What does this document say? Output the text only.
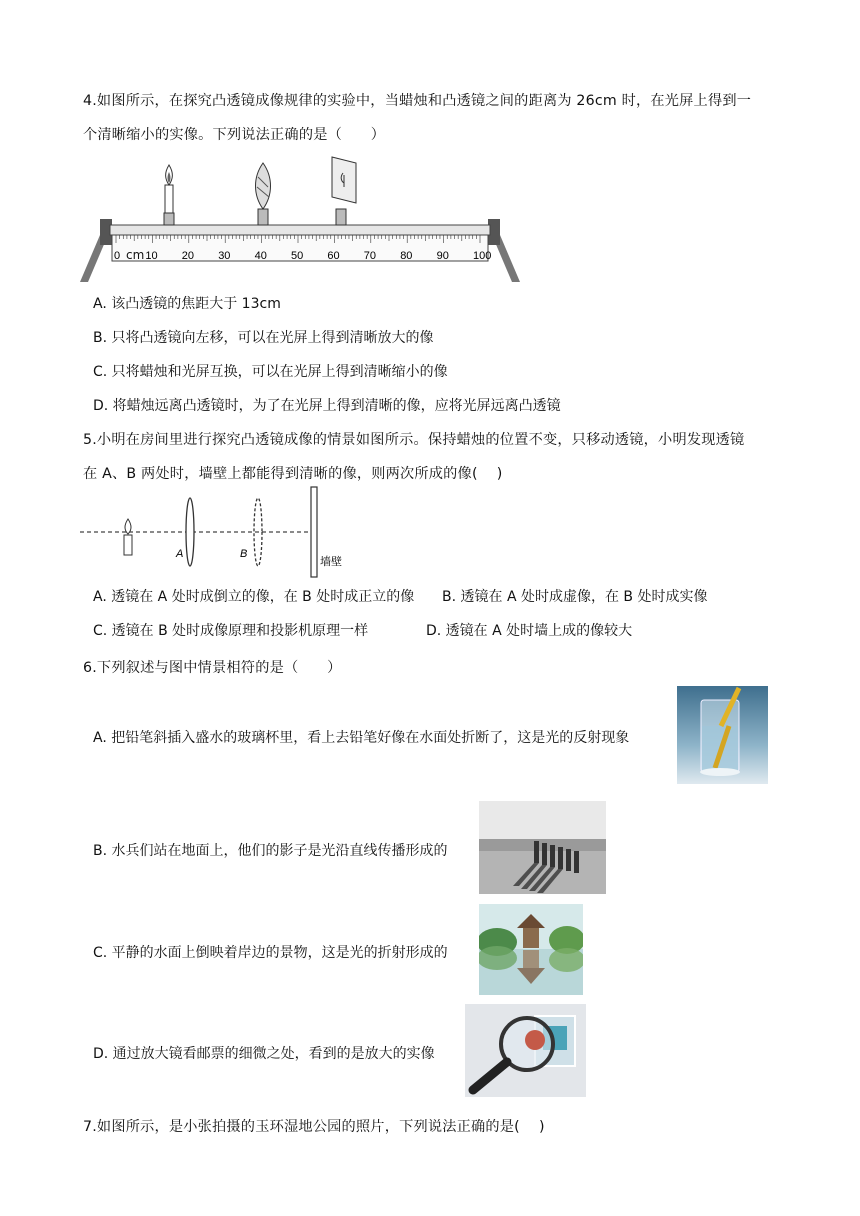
4.如图所示，在探究凸透镜成像规律的实验中，当蜡烛和凸透镜之间的距离为 26cm 时，在光屏上得到一
个清晰缩小的实像。下列说法正确的是（　　）
0 10 20 30 40 50 60 70 80 90 100
cm
A. 该凸透镜的焦距大于 13cm
B. 只将凸透镜向左移，可以在光屏上得到清晰放大的像
C. 只将蜡烛和光屏互换，可以在光屏上得到清晰缩小的像
D. 将蜡烛远离凸透镜时，为了在光屏上得到清晰的像，应将光屏远离凸透镜
5.小明在房间里进行探究凸透镜成像的情景如图所示。保持蜡烛的位置不变，只移动透镜，小明发现透镜
在 A、B 两处时，墙壁上都能得到清晰的像，则两次所成的像(　 )
A	B
墙壁
A. 透镜在 A 处时成倒立的像，在 B 处时成正立的像 B. 透镜在 A 处时成虚像，在 B 处时成实像
C. 透镜在 B 处时成像原理和投影机原理一样	D. 透镜在 A 处时墙上成的像较大
6.下列叙述与图中情景相符的是（　　）
A. 把铅笔斜插入盛水的玻璃杯里，看上去铅笔好像在水面处折断了，这是光的反射现象
B. 水兵们站在地面上，他们的影子是光沿直线传播形成的
C. 平静的水面上倒映着岸边的景物，这是光的折射形成的
D. 通过放大镜看邮票的细微之处，看到的是放大的实像
7.如图所示，是小张拍摄的玉环湿地公园的照片，下列说法正确的是(　 )
